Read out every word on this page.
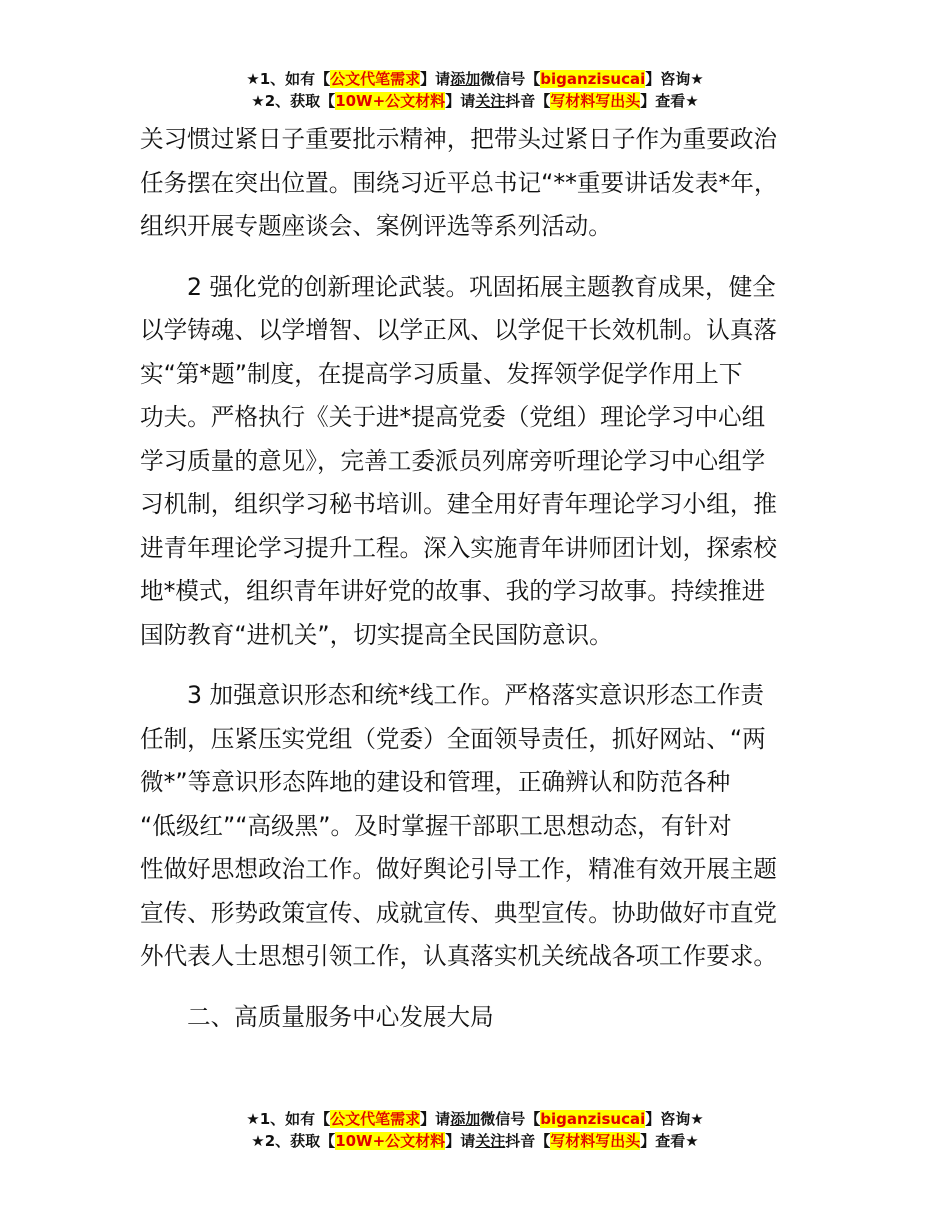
★1、如有【公文代笔需求】请添加微信号【biganzisucai】咨询★
★2、获取【10W+公文材料】请关注抖音【写材料写出头】查看★
关习惯过紧日子重要批示精神，把带头过紧日子作为重要政治
任务摆在突出位置。围绕习近平总书记“**重要讲话发表*年，
组织开展专题座谈会、案例评选等系列活动。
2 强化党的创新理论武装。巩固拓展主题教育成果，健全
以学铸魂、以学增智、以学正风、以学促干长效机制。认真落
实“第*题”制度，在提高学习质量、发挥领学促学作用上下
功夫。严格执行《关于进*提高党委（党组）理论学习中心组
学习质量的意见》，完善工委派员列席旁听理论学习中心组学
习机制，组织学习秘书培训。建全用好青年理论学习小组，推
进青年理论学习提升工程。深入实施青年讲师团计划，探索校
地*模式，组织青年讲好党的故事、我的学习故事。持续推进
国防教育“进机关”，切实提高全民国防意识。
3 加强意识形态和统*线工作。严格落实意识形态工作责
任制，压紧压实党组（党委）全面领导责任，抓好网站、“两
微*”等意识形态阵地的建设和管理，正确辨认和防范各种
“低级红”“高级黑”。及时掌握干部职工思想动态，有针对
性做好思想政治工作。做好舆论引导工作，精准有效开展主题
宣传、形势政策宣传、成就宣传、典型宣传。协助做好市直党
外代表人士思想引领工作，认真落实机关统战各项工作要求。
二、高质量服务中心发展大局
★1、如有【公文代笔需求】请添加微信号【biganzisucai】咨询★
★2、获取【10W+公文材料】请关注抖音【写材料写出头】查看★
